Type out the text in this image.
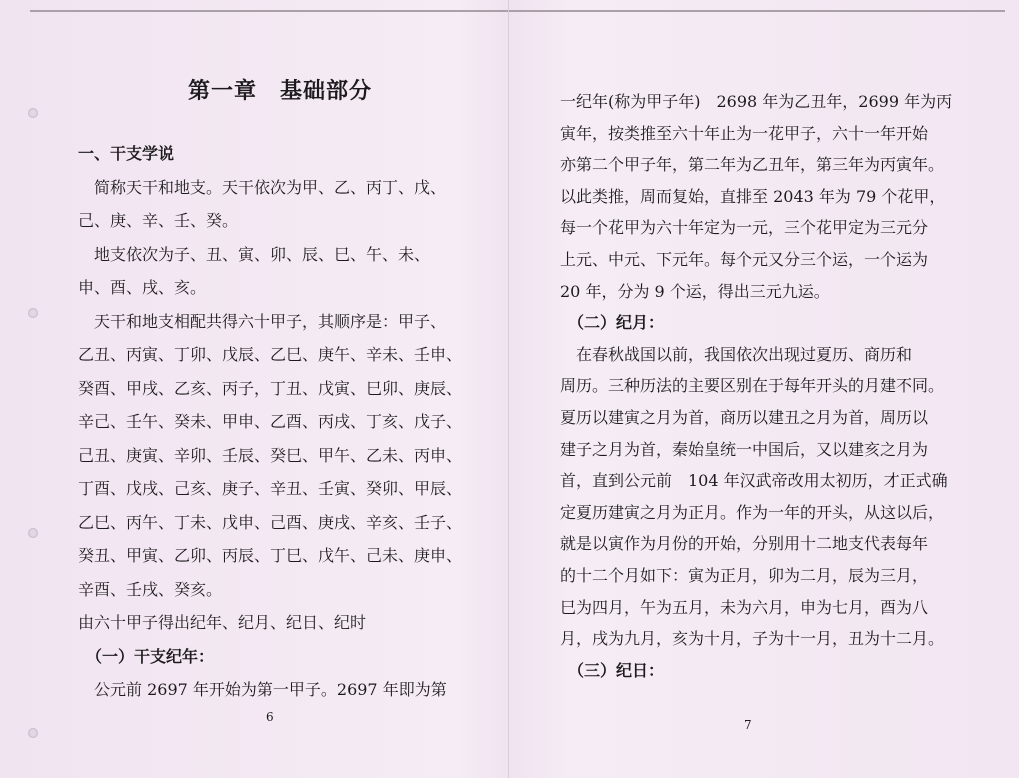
第一章　基础部分
一、干支学说
　简称天干和地支。天干依次为甲、乙、丙丁、戊、
己、庚、辛、壬、癸。
　地支依次为子、丑、寅、卯、辰、巳、午、未、
申、酉、戌、亥。
　天干和地支相配共得六十甲子，其顺序是：甲子、
乙丑、丙寅、丁卯、戊辰、乙巳、庚午、辛未、壬申、
癸酉、甲戌、乙亥、丙子，丁丑、戊寅、巳卯、庚辰、
辛己、壬午、癸未、甲申、乙酉、丙戌、丁亥、戊子、
己丑、庚寅、辛卯、壬辰、癸巳、甲午、乙未、丙申、
丁酉、戊戌、己亥、庚子、辛丑、壬寅、癸卯、甲辰、
乙巳、丙午、丁未、戊申、己酉、庚戌、辛亥、壬子、
癸丑、甲寅、乙卯、丙辰、丁巳、戊午、己未、庚申、
辛酉、壬戌、癸亥。
由六十甲子得出纪年、纪月、纪日、纪时
　（一）干支纪年：
　公元前 2697 年开始为第一甲子。2697 年即为第
6
一纪年(称为甲子年)　2698 年为乙丑年，2699 年为丙
寅年，按类推至六十年止为一花甲子，六十一年开始
亦第二个甲子年，第二年为乙丑年，第三年为丙寅年。
以此类推，周而复始，直排至 2043 年为 79 个花甲，
每一个花甲为六十年定为一元，三个花甲定为三元分
上元、中元、下元年。每个元又分三个运，一个运为
20 年，分为 9 个运，得出三元九运。
　（二）纪月：
　在春秋战国以前，我国依次出现过夏历、商历和
周历。三种历法的主要区别在于每年开头的月建不同。
夏历以建寅之月为首，商历以建丑之月为首，周历以
建子之月为首，秦始皇统一中国后，又以建亥之月为
首，直到公元前　104 年汉武帝改用太初历，才正式确
定夏历建寅之月为正月。作为一年的开头，从这以后，
就是以寅作为月份的开始，分别用十二地支代表每年
的十二个月如下：寅为正月，卯为二月，辰为三月，
巳为四月，午为五月，未为六月，申为七月，酉为八
月，戌为九月，亥为十月，子为十一月，丑为十二月。
　（三）纪日：
7
